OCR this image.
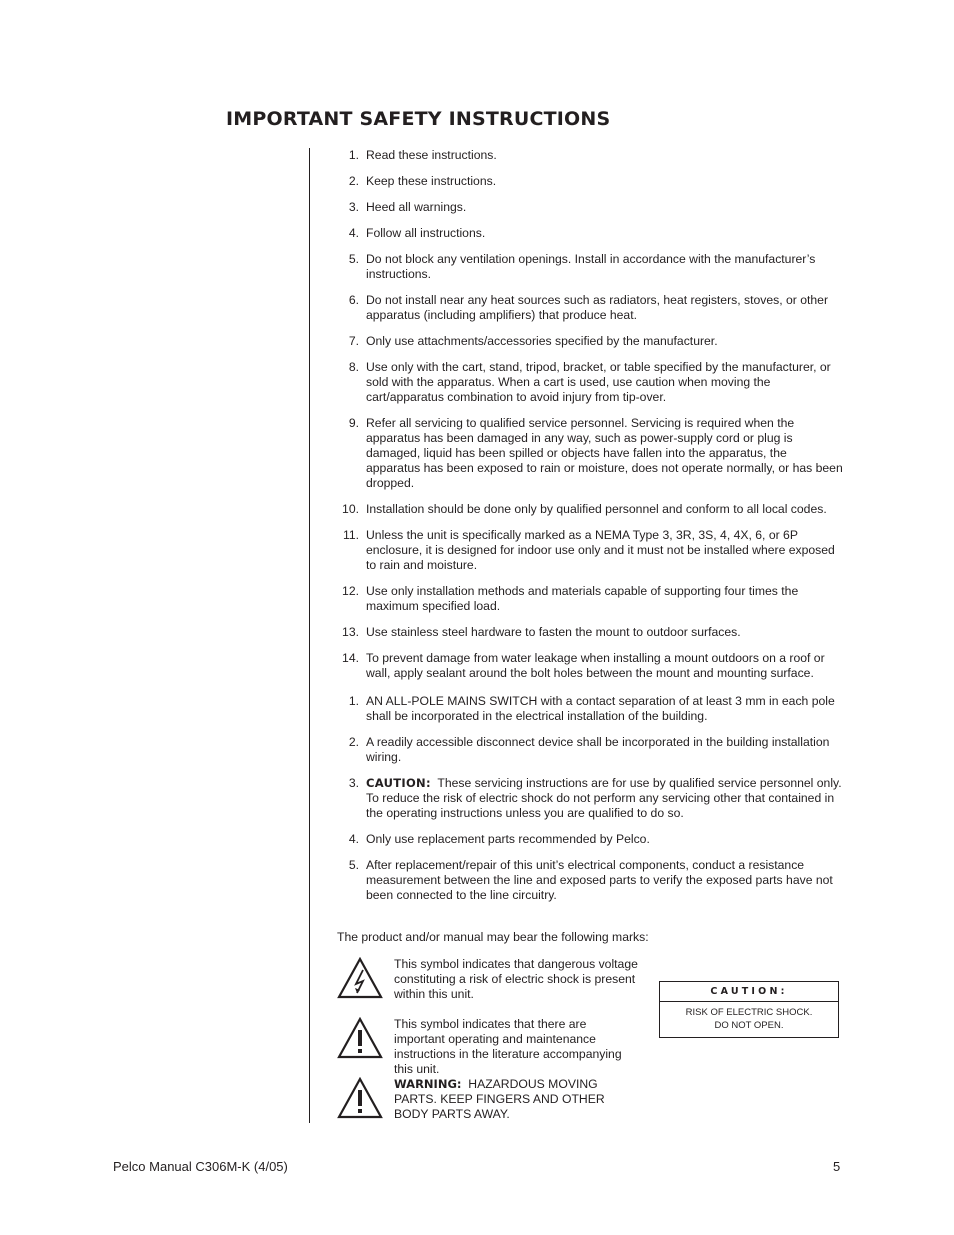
IMPORTANT SAFETY INSTRUCTIONS
1. Read these instructions.
2. Keep these instructions.
3. Heed all warnings.
4. Follow all instructions.
5. Do not block any ventilation openings. Install in accordance with the manufacturer’s instructions.
6. Do not install near any heat sources such as radiators, heat registers, stoves, or other apparatus (including amplifiers) that produce heat.
7. Only use attachments/accessories specified by the manufacturer.
8. Use only with the cart, stand, tripod, bracket, or table specified by the manufacturer, or sold with the apparatus. When a cart is used, use caution when moving the cart/apparatus combination to avoid injury from tip-over.
9. Refer all servicing to qualified service personnel. Servicing is required when the apparatus has been damaged in any way, such as power-supply cord or plug is damaged, liquid has been spilled or objects have fallen into the apparatus, the apparatus has been exposed to rain or moisture, does not operate normally, or has been dropped.
10. Installation should be done only by qualified personnel and conform to all local codes.
11. Unless the unit is specifically marked as a NEMA Type 3, 3R, 3S, 4, 4X, 6, or 6P enclosure, it is designed for indoor use only and it must not be installed where exposed to rain and moisture.
12. Use only installation methods and materials capable of supporting four times the maximum specified load.
13. Use stainless steel hardware to fasten the mount to outdoor surfaces.
14. To prevent damage from water leakage when installing a mount outdoors on a roof or wall, apply sealant around the bolt holes between the mount and mounting surface.
1. AN ALL-POLE MAINS SWITCH with a contact separation of at least 3 mm in each pole shall be incorporated in the electrical installation of the building.
2. A readily accessible disconnect device shall be incorporated in the building installation wiring.
3. CAUTION: These servicing instructions are for use by qualified service personnel only. To reduce the risk of electric shock do not perform any servicing other that contained in the operating instructions unless you are qualified to do so.
4. Only use replacement parts recommended by Pelco.
5. After replacement/repair of this unit’s electrical components, conduct a resistance measurement between the line and exposed parts to verify the exposed parts have not been connected to the line circuitry.

The product and/or manual may bear the following marks:

This symbol indicates that dangerous voltage constituting a risk of electric shock is present within this unit.
This symbol indicates that there are important operating and maintenance instructions in the literature accompanying this unit.
WARNING: HAZARDOUS MOVING PARTS. KEEP FINGERS AND OTHER BODY PARTS AWAY.
CAUTION:
RISK OF ELECTRIC SHOCK.
DO NOT OPEN.

Pelco Manual C306M-K (4/05)	5
